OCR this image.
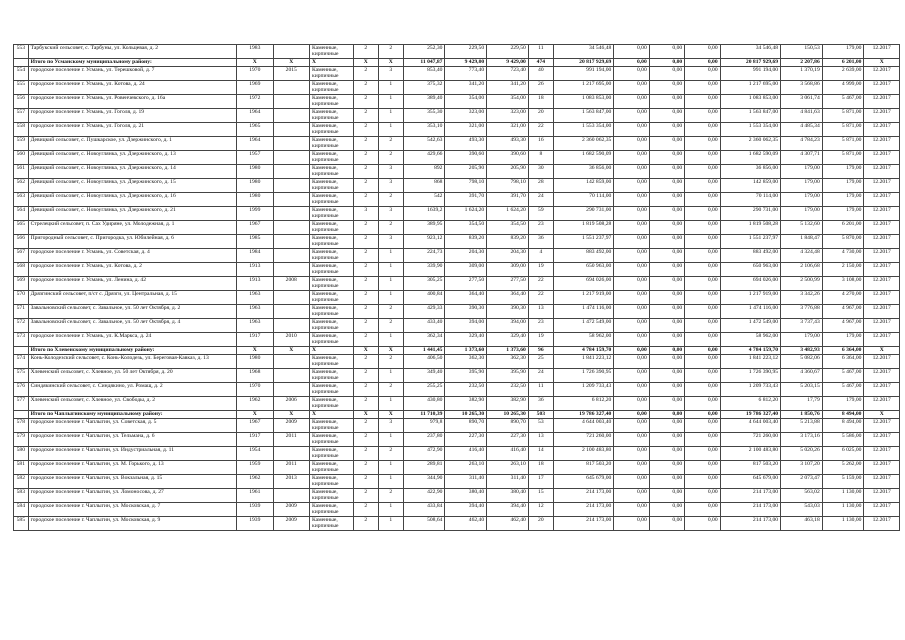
553	Тарбукский сельсовет, с. Тарбуны, ул. Кольцевая, д. 2	1983		Каменные, кирпичные	2	2	252,30	229,50	229,50	11	34 546,48	0,00	0,00	0,00	34 546,48	150,53	179,00	12.2017
	Итого по Усманскому муниципальному району:	X	X	X	X	X	11 047,87	9 429,00	9 429,00	474	20 817 929,69	0,00	0,00	0,00	20 817 929,69	2 207,86	6 201,00	X
554	городское поселение г. Усмань, ул. Терешковой, д. 7	1970	2015	Каменные, кирпичные	2	3	853,40	773,40	723,40	40	991 194,00	0,00	0,00	0,00	991 194,00	1 370,19	2 639,00	12.2017
555	городское поселение г. Усмань, ул. Котова, д. 24	1969		Каменные, кирпичные	2	1	375,32	341,20	341,20	26	1 217 695,00	0,00	0,00	0,00	1 217 695,00	3 568,86	4 999,00	12.2017
556	городское поселение г. Усмань, ул. Ровенчевского, д. 16а	1972		Каменные, кирпичные	2	1	389,40	354,00	354,00	18	1 083 853,00	0,00	0,00	0,00	1 083 853,00	3 061,74	5 467,00	12.2017
557	городское поселение г. Усмань, ул. Гоголя, д. 19	1964		Каменные, кирпичные	2	1	355,30	323,00	323,00	20	1 563 847,00	0,00	0,00	0,00	1 563 847,00	4 841,63	5 871,00	12.2017
558	городское поселение г. Усмань, ул. Гоголя, д. 21	1965		Каменные, кирпичные	2	1	353,10	321,00	321,00	22	1 553 354,00	0,00	0,00	0,00	1 553 354,00	4 485,34	5 871,00	12.2017
559	Девицкий сельсовет, с. Пушкарское, ул. Дзержинского, д. 1	1964		Каменные, кирпичные	2	2	542,63	493,30	493,30	16	2 360 062,35	0,00	0,00	0,00	2 360 062,35	4 784,23	5 871,00	12.2017
560	Девицкий сельсовет, с. Новоуглянка, ул. Дзержинского, д. 13	1957		Каменные, кирпичные	2	2	429,66	390,60	390,60	8	1 682 590,09	0,00	0,00	0,00	1 682 590,09	4 307,71	5 871,00	12.2017
561	Девицкий сельсовет, с. Новоуглянка, ул. Дзержинского, д. 14	1980		Каменные, кирпичные	2	3	892	205,90	205,90	30	36 856,00	0,00	0,00	0,00	36 856,00	179,00	179,00	12.2017
562	Девицкий сельсовет, с. Новоуглянка, ул. Дзержинского, д. 15	1980		Каменные, кирпичные	2	3	868	798,10	798,10	28	142 859,00	0,00	0,00	0,00	142 859,00	179,00	179,00	12.2017
563	Девицкий сельсовет, с. Новоуглянка, ул. Дзержинского, д. 16	1980		Каменные, кирпичные	2	2	542	391,70	391,70	24	70 114,00	0,00	0,00	0,00	70 114,00	179,00	179,00	12.2017
564	Девицкий сельсовет, с. Новоуглянка, ул. Дзержинского, д. 21	1999		Каменные, кирпичные	3	3	1639,2	1 624,20	1 624,20	59	290 731,00	0,00	0,00	0,00	290 731,00	179,00	179,00	12.2017
565	Стрелецкий сельсовет, п. Сах Удиряне, ул. Молодежная, д. 1	1967		Каменные, кирпичные	2	2	389,95	354,50	354,50	23	1 819 508,28	0,00	0,00	0,00	1 819 508,28	5 132,60	6 201,00	12.2017
566	Пригородный сельсовет, с. Пригородка, ул. Юбилейная, д. 6	1985		Каменные, кирпичные	2	3	923,12	839,20	839,20	36	1 551 237,97	0,00	0,00	0,00	1 551 237,97	1 848,47	5 870,00	12.2017
567	городское поселение г. Усмань, ул. Советская, д. 4	1984		Каменные, кирпичные	2	1	224,73	204,30	204,30	4	883 492,00	0,00	0,00	0,00	883 492,00	4 324,48	4 730,00	12.2017
568	городское поселение г. Усмань, ул. Котова, д. 2	1913		Каменные, кирпичные	2	1	339,90	309,00	309,00	19	650 963,00	0,00	0,00	0,00	650 963,00	2 106,68	2 150,00	12.2017
569	городское поселение г. Усмань, ул. Ленина, д. 42	1913	2008	Каменные, кирпичные	2	1	305,25	277,50	277,50	22	694 026,00	0,00	0,00	0,00	694 026,00	2 500,99	3 108,00	12.2017
570	Дрязгинский сельсовет, п/ст с. Дрязги, ул. Центральная, д. 15	1963		Каменные, кирпичные	2	1	400,84	364,40	364,40	22	1 217 919,00	0,00	0,00	0,00	1 217 919,00	3 342,26	4 270,00	12.2017
571	Завальновский сельсовет, с. Завальное, ул. 50 лет Октября, д. 2	1963		Каменные, кирпичные	2	2	429,33	390,30	390,30	13	1 474 116,00	0,00	0,00	0,00	1 474 116,00	3 776,88	4 967,00	12.2017
572	Завальновский сельсовет, с. Завальное, ул. 50 лет Октября, д. 4	1963		Каменные, кирпичные	2	2	433,40	394,00	394,00	23	1 472 549,00	0,00	0,00	0,00	1 472 549,00	3 737,43	4 967,00	12.2017
573	городское поселение г. Усмань, ул. К.Маркса, д. 24	1917	2010	Каменные, кирпичные	2	1	362,34	329,40	329,40	19	58 962,00	0,00	0,00	0,00	58 962,00	179,00	179,00	12.2017
	Итого по Хлевенскому муниципальному району:	X	X	X	X	X	1 441,45	1 373,60	1 373,60	96	4 784 159,70	0,00	0,00	0,00	4 784 159,70	3 482,93	6 364,00	X
574	Конь-Колодезский сельсовет, с. Конь-Колодезь, ул. Береговая-Кавказ, д. 13	1980		Каменные, кирпичные	2	2	406,50	362,30	362,30	25	1 841 223,12	0,00	0,00	0,00	1 841 223,12	5 082,06	6 364,00	12.2017
575	Хлевенский сельсовет, с. Хлевное, ул. 50 лет Октября, д. 20	1968		Каменные, кирпичные	2	1	349,40	395,90	395,90	24	1 726 390,95	0,00	0,00	0,00	1 726 390,95	4 360,67	5 467,00	12.2017
576	Синдякинский сельсовет, с. Синдякино, ул. Ромащ, д. 2	1970		Каменные, кирпичные	2	2	255,25	232,50	232,50	11	1 209 733,43	0,00	0,00	0,00	1 209 733,43	5 203,15	5 467,00	12.2017
577	Хлевенский сельсовет, с. Хлевное, ул. Свободы, д. 2	1962	2006	Каменные, кирпичные	2	1	430,80	382,90	382,90	36	6 812,20	0,00	0,00	0,00	6 812,20	17,79	179,00	12.2017
	Итого по Чаплыгинскому муниципальному району:	X	X	X	X	X	11 710,39	10 265,30	10 265,30	503	19 786 327,40	0,00	0,00	0,00	19 786 327,40	1 850,76	8 494,00	X
578	городское поселение г. Чаплыгин, ул. Советская, д. 5	1967	2009	Каменные, кирпичные	2	3	979,8	890,70	890,70	53	4 644 003,40	0,00	0,00	0,00	4 644 003,40	5 213,88	8 494,00	12.2017
579	городское поселение г. Чаплыгин, ул. Тельмана, д. 6	1917	2011	Каменные, кирпичные	2	1	237,80	227,30	227,30	13	721 260,00	0,00	0,00	0,00	721 260,00	3 173,16	5 586,00	12.2017
580	городское поселение г. Чаплыгин, ул. Индустриальная, д. 11	1954		Каменные, кирпичные	2	2	472,90	416,40	416,40	14	2 100 483,80	0,00	0,00	0,00	2 100 483,80	5 020,26	6 025,00	12.2017
581	городское поселение г. Чаплыгин, ул. М. Горького, д. 13	1959	2011	Каменные, кирпичные	2	1	289,81	263,10	263,10	18	817 503,20	0,00	0,00	0,00	817 503,20	3 107,20	5 262,00	12.2017
582	городское поселение г. Чаплыгин, ул. Вокзальная, д. 15	1962	2013	Каменные, кирпичные	2	1	344,90	311,40	311,40	17	645 679,00	0,00	0,00	0,00	645 679,00	2 073,47	5 159,00	12.2017
583	городское поселение г. Чаплыгин, ул. Ломоносова, д. 27	1961		Каменные, кирпичные	2	2	422,90	380,40	380,40	15	214 173,00	0,00	0,00	0,00	214 173,00	563,02	1 130,00	12.2017
584	городское поселение г. Чаплыгин, ул. Московская, д. 7	1939	2009	Каменные, кирпичные	2	1	433,84	394,40	394,40	12	214 173,00	0,00	0,00	0,00	214 173,00	543,03	1 130,00	12.2017
585	городское поселение г. Чаплыгин, ул. Московская, д. 9	1939	2009	Каменные, кирпичные	2	1	508,64	462,40	462,40	20	214 173,00	0,00	0,00	0,00	214 173,00	463,18	1 130,00	12.2017
